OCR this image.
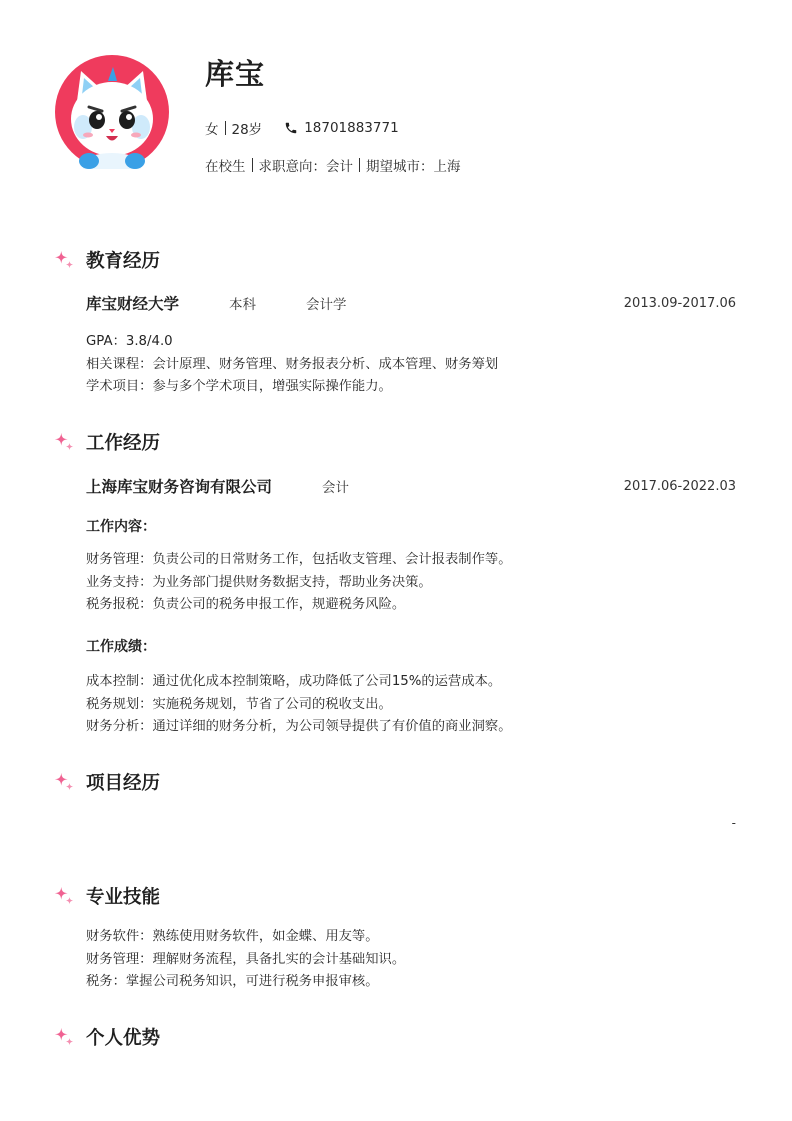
库宝
女 28岁	18701883771
在校生 求职意向：会计 期望城市：上海
教育经历
库宝财经大学	本科	会计学	2013.09-2017.06
GPA：3.8/4.0
相关课程：会计原理、财务管理、财务报表分析、成本管理、财务筹划
学术项目：参与多个学术项目，增强实际操作能力。
工作经历
上海库宝财务咨询有限公司	会计	2017.06-2022.03
工作内容：
财务管理：负责公司的日常财务工作，包括收支管理、会计报表制作等。
业务支持：为业务部门提供财务数据支持，帮助业务决策。
税务报税：负责公司的税务申报工作，规避税务风险。
工作成绩：
成本控制：通过优化成本控制策略，成功降低了公司15%的运营成本。
税务规划：实施税务规划，节省了公司的税收支出。
财务分析：通过详细的财务分析，为公司领导提供了有价值的商业洞察。
项目经历
-
专业技能
财务软件：熟练使用财务软件，如金蝶、用友等。
财务管理：理解财务流程，具备扎实的会计基础知识。
税务：掌握公司税务知识，可进行税务申报审核。
个人优势
